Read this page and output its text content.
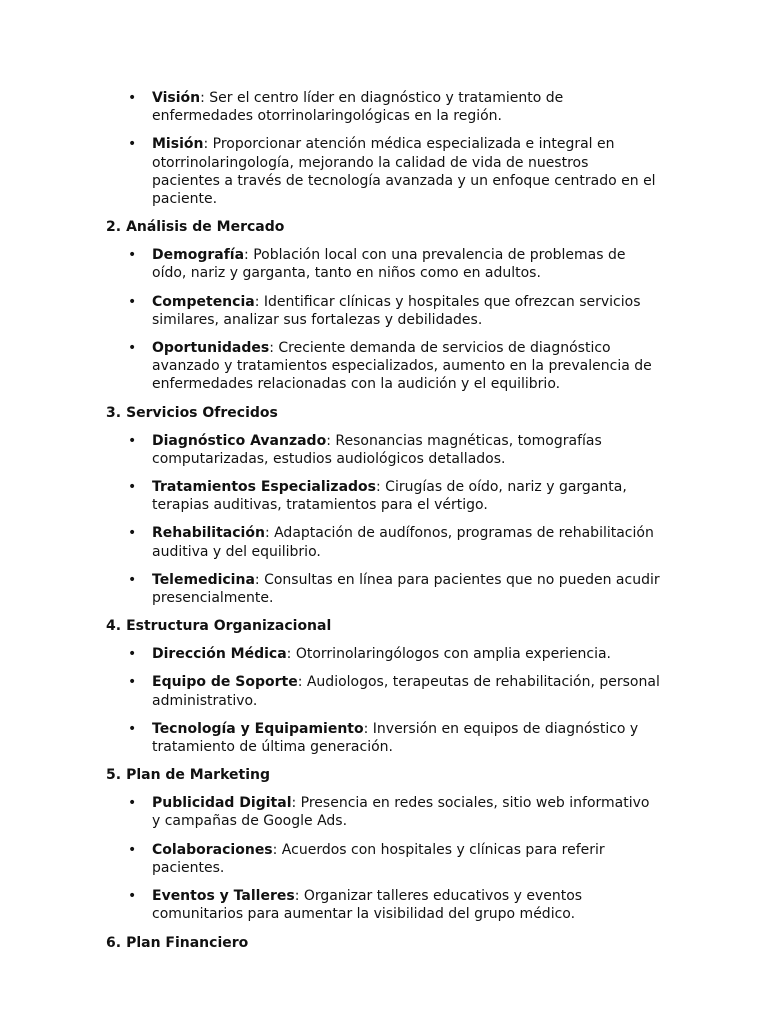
• Visión: Ser el centro líder en diagnóstico y tratamiento de enfermedades otorrinolaringológicas en la región.
• Misión: Proporcionar atención médica especializada e integral en otorrinolaringología, mejorando la calidad de vida de nuestros pacientes a través de tecnología avanzada y un enfoque centrado en el paciente.
2. Análisis de Mercado
• Demografía: Población local con una prevalencia de problemas de oído, nariz y garganta, tanto en niños como en adultos.
• Competencia: Identificar clínicas y hospitales que ofrezcan servicios similares, analizar sus fortalezas y debilidades.
• Oportunidades: Creciente demanda de servicios de diagnóstico avanzado y tratamientos especializados, aumento en la prevalencia de enfermedades relacionadas con la audición y el equilibrio.
3. Servicios Ofrecidos
• Diagnóstico Avanzado: Resonancias magnéticas, tomografías computarizadas, estudios audiológicos detallados.
• Tratamientos Especializados: Cirugías de oído, nariz y garganta, terapias auditivas, tratamientos para el vértigo.
• Rehabilitación: Adaptación de audífonos, programas de rehabilitación auditiva y del equilibrio.
• Telemedicina: Consultas en línea para pacientes que no pueden acudir presencialmente.
4. Estructura Organizacional
• Dirección Médica: Otorrinolaringólogos con amplia experiencia.
• Equipo de Soporte: Audiologos, terapeutas de rehabilitación, personal administrativo.
• Tecnología y Equipamiento: Inversión en equipos de diagnóstico y tratamiento de última generación.
5. Plan de Marketing
• Publicidad Digital: Presencia en redes sociales, sitio web informativo y campañas de Google Ads.
• Colaboraciones: Acuerdos con hospitales y clínicas para referir pacientes.
• Eventos y Talleres: Organizar talleres educativos y eventos comunitarios para aumentar la visibilidad del grupo médico.
6. Plan Financiero
